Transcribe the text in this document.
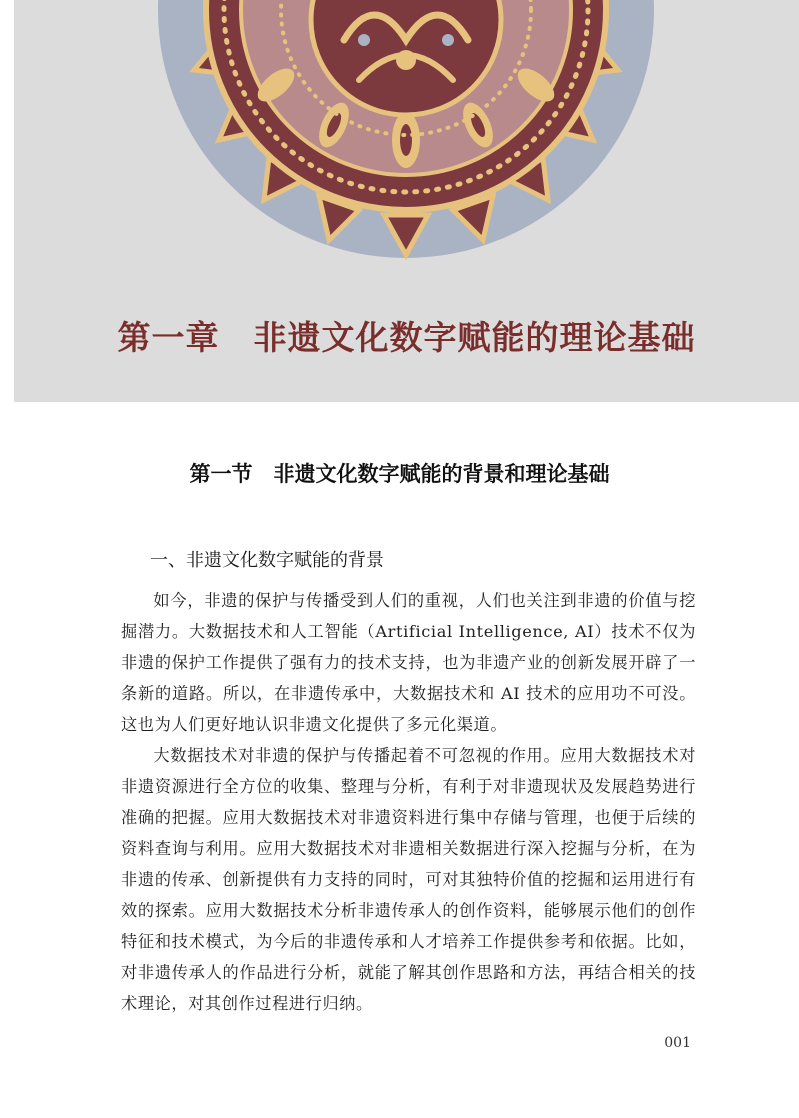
第一章　非遗文化数字赋能的理论基础
第一节　非遗文化数字赋能的背景和理论基础
一、非遗文化数字赋能的背景

如今，非遗的保护与传播受到人们的重视，人们也关注到非遗的价值与挖掘潜力。大数据技术和人工智能（Artificial Intelligence, AI）技术不仅为非遗的保护工作提供了强有力的技术支持，也为非遗产业的创新发展开辟了一条新的道路。所以，在非遗传承中，大数据技术和 AI 技术的应用功不可没。这也为人们更好地认识非遗文化提供了多元化渠道。

大数据技术对非遗的保护与传播起着不可忽视的作用。应用大数据技术对非遗资源进行全方位的收集、整理与分析，有利于对非遗现状及发展趋势进行准确的把握。应用大数据技术对非遗资料进行集中存储与管理，也便于后续的资料查询与利用。应用大数据技术对非遗相关数据进行深入挖掘与分析，在为非遗的传承、创新提供有力支持的同时，可对其独特价值的挖掘和运用进行有效的探索。应用大数据技术分析非遗传承人的创作资料，能够展示他们的创作特征和技术模式，为今后的非遗传承和人才培养工作提供参考和依据。比如，对非遗传承人的作品进行分析，就能了解其创作思路和方法，再结合相关的技术理论，对其创作过程进行归纳。

001
